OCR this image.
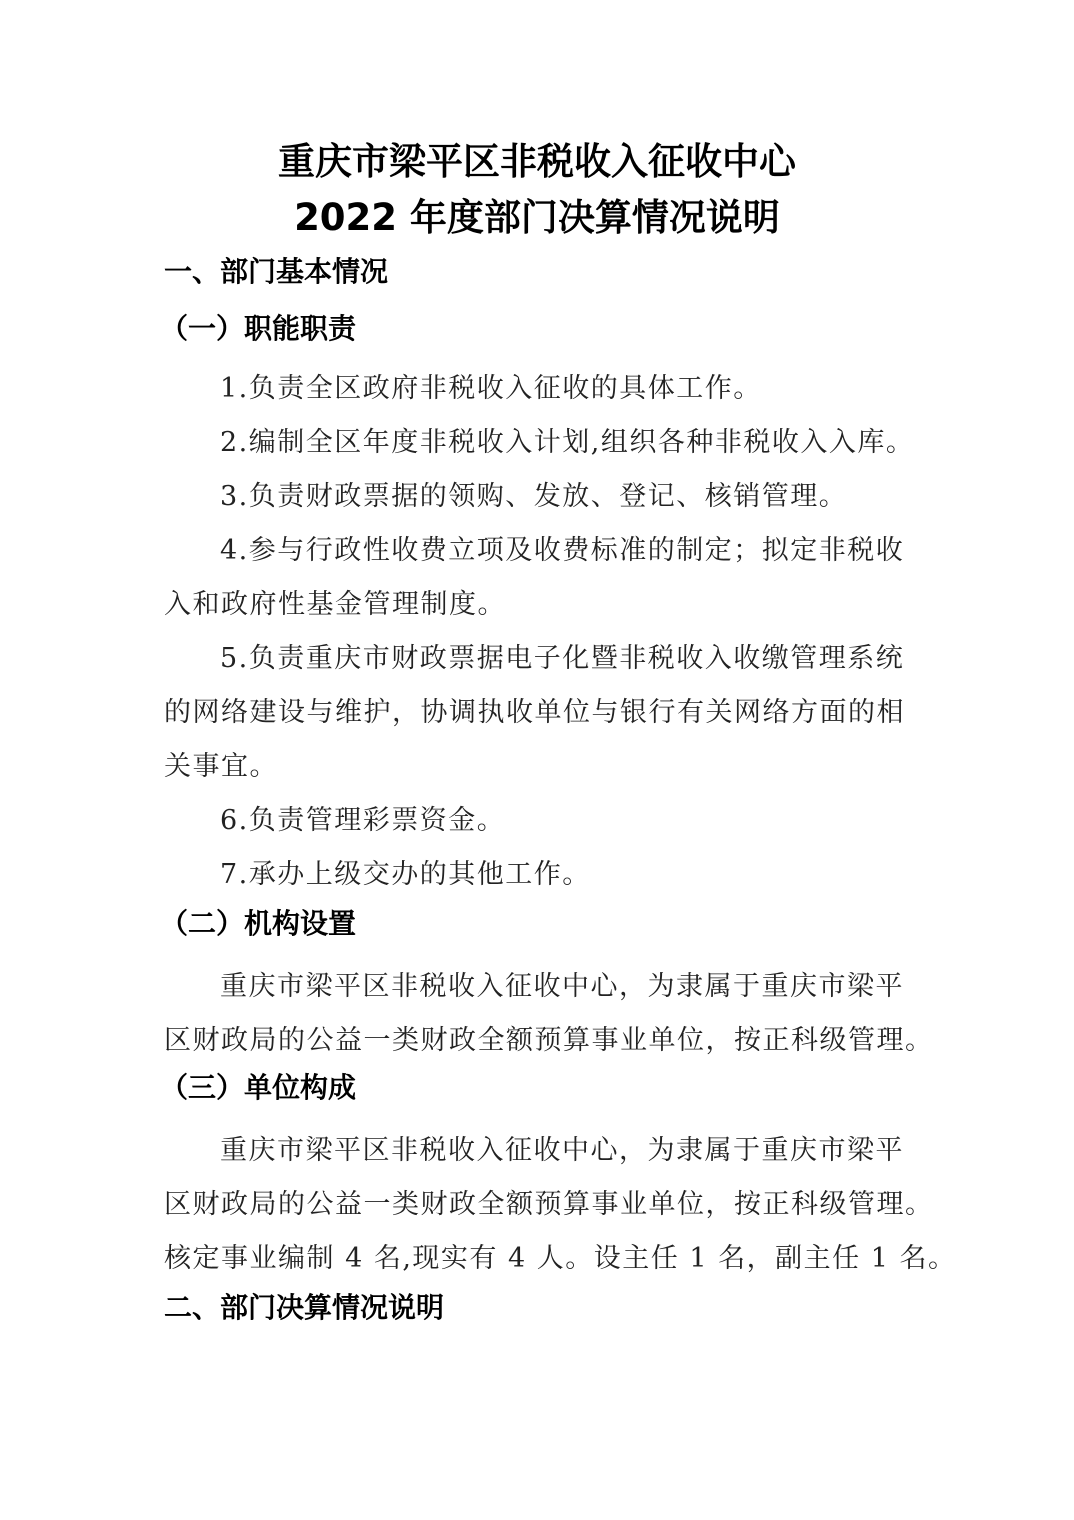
重庆市梁平区非税收入征收中心
2022 年度部门决算情况说明
一、部门基本情况
（一）职能职责
1.负责全区政府非税收入征收的具体工作。
2.编制全区年度非税收入计划,组织各种非税收入入库。
3.负责财政票据的领购、发放、登记、核销管理。
4.参与行政性收费立项及收费标准的制定；拟定非税收
入和政府性基金管理制度。
5.负责重庆市财政票据电子化暨非税收入收缴管理系统
的网络建设与维护，协调执收单位与银行有关网络方面的相
关事宜。
6.负责管理彩票资金。
7.承办上级交办的其他工作。
（二）机构设置
重庆市梁平区非税收入征收中心，为隶属于重庆市梁平
区财政局的公益一类财政全额预算事业单位，按正科级管理。
（三）单位构成
重庆市梁平区非税收入征收中心，为隶属于重庆市梁平
区财政局的公益一类财政全额预算事业单位，按正科级管理。
核定事业编制 4 名,现实有 4 人。设主任 1 名，副主任 1 名。
二、部门决算情况说明
